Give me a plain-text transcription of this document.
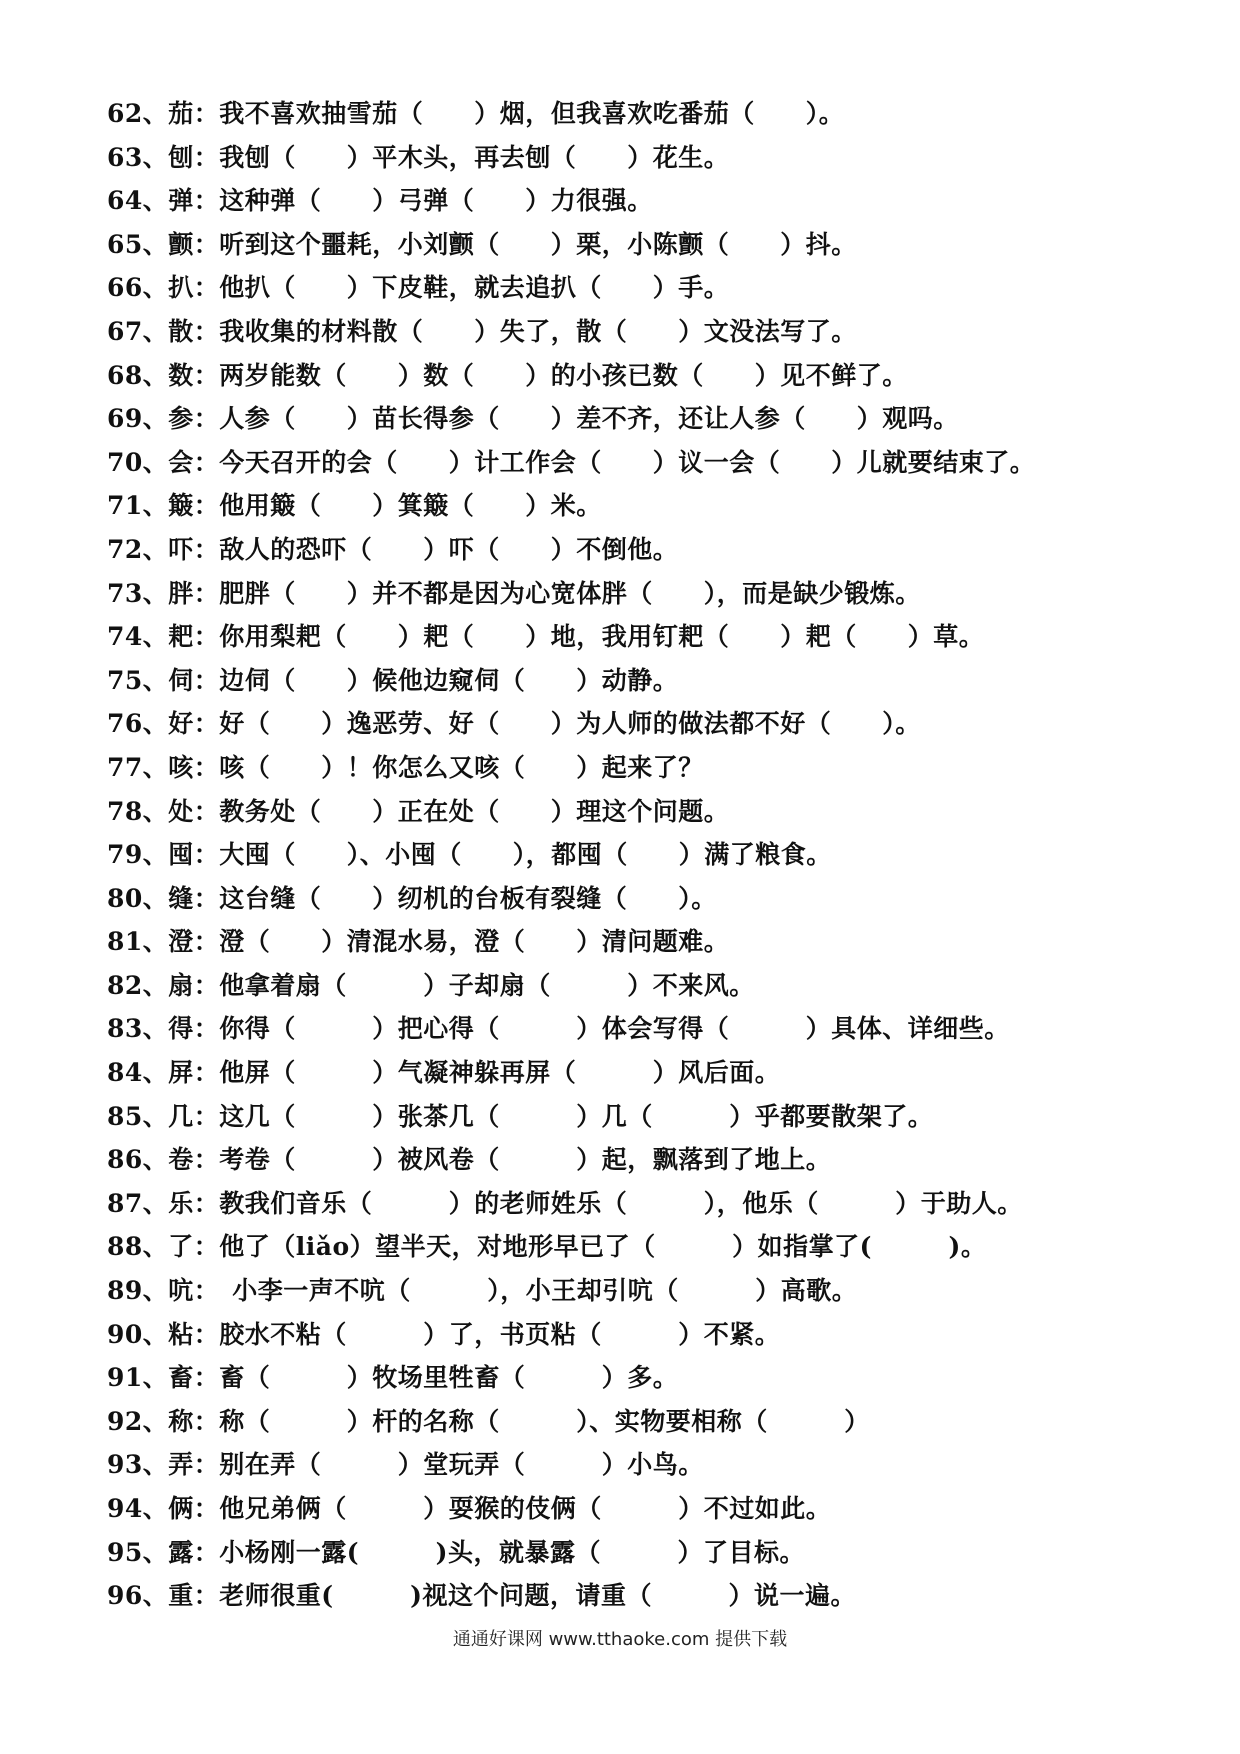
62、茄：我不喜欢抽雪茄（　　）烟，但我喜欢吃番茄（　　）。
63、刨：我刨（　　）平木头，再去刨（　　）花生。
64、弹：这种弹（　　）弓弹（　　）力很强。
65、颤：听到这个噩耗，小刘颤（　　）栗，小陈颤（　　）抖。
66、扒：他扒（　　）下皮鞋，就去追扒（　　）手。
67、散：我收集的材料散（　　）失了，散（　　）文没法写了。
68、数：两岁能数（　　）数（　　）的小孩已数（　　）见不鲜了。
69、参：人参（　　）苗长得参（　　）差不齐，还让人参（　　）观吗。
70、会：今天召开的会（　　）计工作会（　　）议一会（　　）儿就要结束了。
71、簸：他用簸（　　）箕簸（　　）米。
72、吓：敌人的恐吓（　　）吓（　　）不倒他。
73、胖：肥胖（　　）并不都是因为心宽体胖（　　），而是缺少锻炼。
74、耙：你用梨耙（　　）耙（　　）地，我用钉耙（　　）耙（　　）草。
75、伺：边伺（　　）候他边窥伺（　　）动静。
76、好：好（　　）逸恶劳、好（　　）为人师的做法都不好（　　）。
77、咳：咳（　　）！你怎么又咳（　　）起来了？
78、处：教务处（　　）正在处（　　）理这个问题。
79、囤：大囤（　　）、小囤（　　），都囤（　　）满了粮食。
80、缝：这台缝（　　）纫机的台板有裂缝（　　）。
81、澄：澄（　　）清混水易，澄（　　）清问题难。
82、扇：他拿着扇（　　　）子却扇（　　　）不来风。
83、得：你得（　　　）把心得（　　　）体会写得（　　　）具体、详细些。
84、屏：他屏（　　　）气凝神躲再屏（　　　）风后面。
85、几：这几（　　　）张茶几（　　　）几（　　　）乎都要散架了。
86、卷：考卷（　　　）被风卷（　　　）起，飘落到了地上。
87、乐：教我们音乐（　　　）的老师姓乐（　　　），他乐（　　　）于助人。
88、了：他了（liǎo）望半天，对地形早已了（　　　）如指掌了(　　　)。
89、吭：　小李一声不吭（　　　），小王却引吭（　　　）高歌。
90、粘：胶水不粘（　　　）了，书页粘（　　　）不紧。
91、畜：畜（　　　）牧场里牲畜（　　　）多。
92、称：称（　　　）杆的名称（　　　）、实物要相称（　　　）
93、弄：别在弄（　　　）堂玩弄（　　　）小鸟。
94、俩：他兄弟俩（　　　）耍猴的伎俩（　　　）不过如此。
95、露：小杨刚一露(　　　)头，就暴露（　　　）了目标。
96、重：老师很重(　　　)视这个问题，请重（　　　）说一遍。
通通好课网 www.tthaoke.com 提供下载
